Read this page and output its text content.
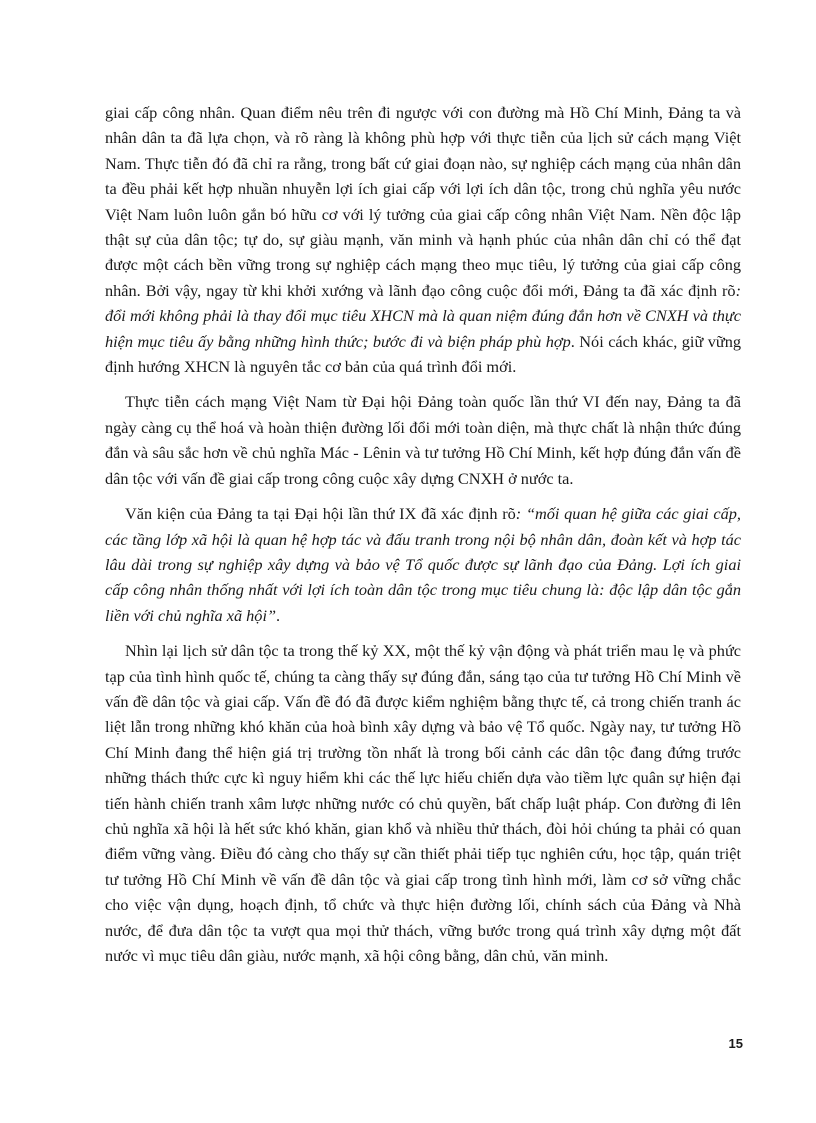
giai cấp công nhân. Quan điểm nêu trên đi ngược với con đường mà Hồ Chí Minh, Đảng ta và nhân dân ta đã lựa chọn, và rõ ràng là không phù hợp với thực tiễn của lịch sử cách mạng Việt Nam. Thực tiễn đó đã chỉ ra rằng, trong bất cứ giai đoạn nào, sự nghiệp cách mạng của nhân dân ta đều phải kết hợp nhuần nhuyễn lợi ích giai cấp với lợi ích dân tộc, trong chủ nghĩa yêu nước Việt Nam luôn luôn gắn bó hữu cơ với lý tưởng của giai cấp công nhân Việt Nam. Nền độc lập thật sự của dân tộc; tự do, sự giàu mạnh, văn minh và hạnh phúc của nhân dân chỉ có thể đạt được một cách bền vững trong sự nghiệp cách mạng theo mục tiêu, lý tưởng của giai cấp công nhân. Bởi vậy, ngay từ khi khởi xướng và lãnh đạo công cuộc đổi mới, Đảng ta đã xác định rõ: đổi mới không phải là thay đổi mục tiêu XHCN mà là quan niệm đúng đắn hơn về CNXH và thực hiện mục tiêu ấy bằng những hình thức; bước đi và biện pháp phù hợp. Nói cách khác, giữ vững định hướng XHCN là nguyên tắc cơ bản của quá trình đổi mới.

Thực tiễn cách mạng Việt Nam từ Đại hội Đảng toàn quốc lần thứ VI đến nay, Đảng ta đã ngày càng cụ thể hoá và hoàn thiện đường lối đổi mới toàn diện, mà thực chất là nhận thức đúng đắn và sâu sắc hơn về chủ nghĩa Mác - Lênin và tư tưởng Hồ Chí Minh, kết hợp đúng đắn vấn đề dân tộc với vấn đề giai cấp trong công cuộc xây dựng CNXH ở nước ta.

Văn kiện của Đảng ta tại Đại hội lần thứ IX đã xác định rõ: “mối quan hệ giữa các giai cấp, các tầng lớp xã hội là quan hệ hợp tác và đấu tranh trong nội bộ nhân dân, đoàn kết và hợp tác lâu dài trong sự nghiệp xây dựng và bảo vệ Tổ quốc được sự lãnh đạo của Đảng. Lợi ích giai cấp công nhân thống nhất với lợi ích toàn dân tộc trong mục tiêu chung là: độc lập dân tộc gắn liền với chủ nghĩa xã hội”.

Nhìn lại lịch sử dân tộc ta trong thế kỷ XX, một thế kỷ vận động và phát triển mau lẹ và phức tạp của tình hình quốc tế, chúng ta càng thấy sự đúng đắn, sáng tạo của tư tưởng Hồ Chí Minh về vấn đề dân tộc và giai cấp. Vấn đề đó đã được kiểm nghiệm bằng thực tế, cả trong chiến tranh ác liệt lẫn trong những khó khăn của hoà bình xây dựng và bảo vệ Tổ quốc. Ngày nay, tư tưởng Hồ Chí Minh đang thể hiện giá trị trường tồn nhất là trong bối cảnh các dân tộc đang đứng trước những thách thức cực kì nguy hiểm khi các thế lực hiếu chiến dựa vào tiềm lực quân sự hiện đại tiến hành chiến tranh xâm lược những nước có chủ quyền, bất chấp luật pháp. Con đường đi lên chủ nghĩa xã hội là hết sức khó khăn, gian khổ và nhiều thử thách, đòi hỏi chúng ta phải có quan điểm vững vàng. Điều đó càng cho thấy sự cần thiết phải tiếp tục nghiên cứu, học tập, quán triệt tư tưởng Hồ Chí Minh về vấn đề dân tộc và giai cấp trong tình hình mới, làm cơ sở vững chắc cho việc vận dụng, hoạch định, tổ chức và thực hiện đường lối, chính sách của Đảng và Nhà nước, để đưa dân tộc ta vượt qua mọi thử thách, vững bước trong quá trình xây dựng một đất nước vì mục tiêu dân giàu, nước mạnh, xã hội công bằng, dân chủ, văn minh.

15
